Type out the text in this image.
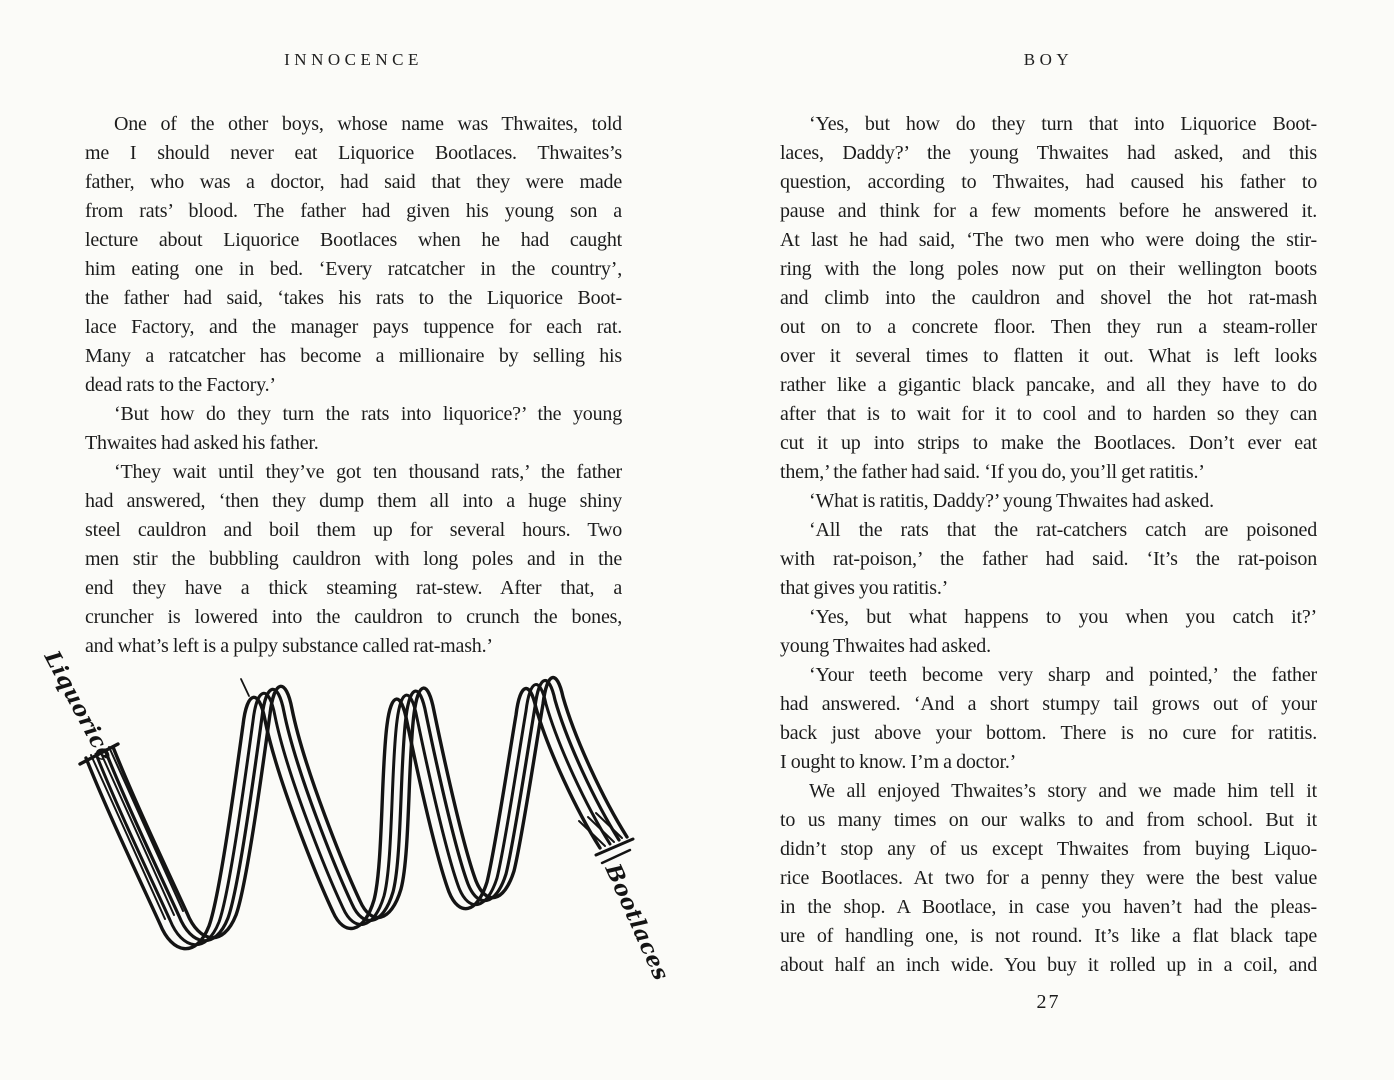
INNOCENCE
One of the other boys, whose name was Thwaites, told
me I should never eat Liquorice Bootlaces. Thwaites’s
father, who was a doctor, had said that they were made
from rats’ blood. The father had given his young son a
lecture about Liquorice Bootlaces when he had caught
him eating one in bed. ‘Every ratcatcher in the country’,
the father had said, ‘takes his rats to the Liquorice Boot-
lace Factory, and the manager pays tuppence for each rat.
Many a ratcatcher has become a millionaire by selling his
dead rats to the Factory.’
‘But how do they turn the rats into liquorice?’ the young
Thwaites had asked his father.
‘They wait until they’ve got ten thousand rats,’ the father
had answered, ‘then they dump them all into a huge shiny
steel cauldron and boil them up for several hours. Two
men stir the bubbling cauldron with long poles and in the
end they have a thick steaming rat-stew. After that, a
cruncher is lowered into the cauldron to crunch the bones,
and what’s left is a pulpy substance called rat-mash.’
BOY
‘Yes, but how do they turn that into Liquorice Boot-
laces, Daddy?’ the young Thwaites had asked, and this
question, according to Thwaites, had caused his father to
pause and think for a few moments before he answered it.
At last he had said, ‘The two men who were doing the stir-
ring with the long poles now put on their wellington boots
and climb into the cauldron and shovel the hot rat-mash
out on to a concrete floor. Then they run a steam-roller
over it several times to flatten it out. What is left looks
rather like a gigantic black pancake, and all they have to do
after that is to wait for it to cool and to harden so they can
cut it up into strips to make the Bootlaces. Don’t ever eat
them,’ the father had said. ‘If you do, you’ll get ratitis.’
‘What is ratitis, Daddy?’ young Thwaites had asked.
‘All the rats that the rat-catchers catch are poisoned
with rat-poison,’ the father had said. ‘It’s the rat-poison
that gives you ratitis.’
‘Yes, but what happens to you when you catch it?’
young Thwaites had asked.
‘Your teeth become very sharp and pointed,’ the father
had answered. ‘And a short stumpy tail grows out of your
back just above your bottom. There is no cure for ratitis.
I ought to know. I’m a doctor.’
We all enjoyed Thwaites’s story and we made him tell it
to us many times on our walks to and from school. But it
didn’t stop any of us except Thwaites from buying Liquo-
rice Bootlaces. At two for a penny they were the best value
in the shop. A Bootlace, in case you haven’t had the pleas-
ure of handling one, is not round. It’s like a flat black tape
about half an inch wide. You buy it rolled up in a coil, and
27
Liquorice
Bootlaces
